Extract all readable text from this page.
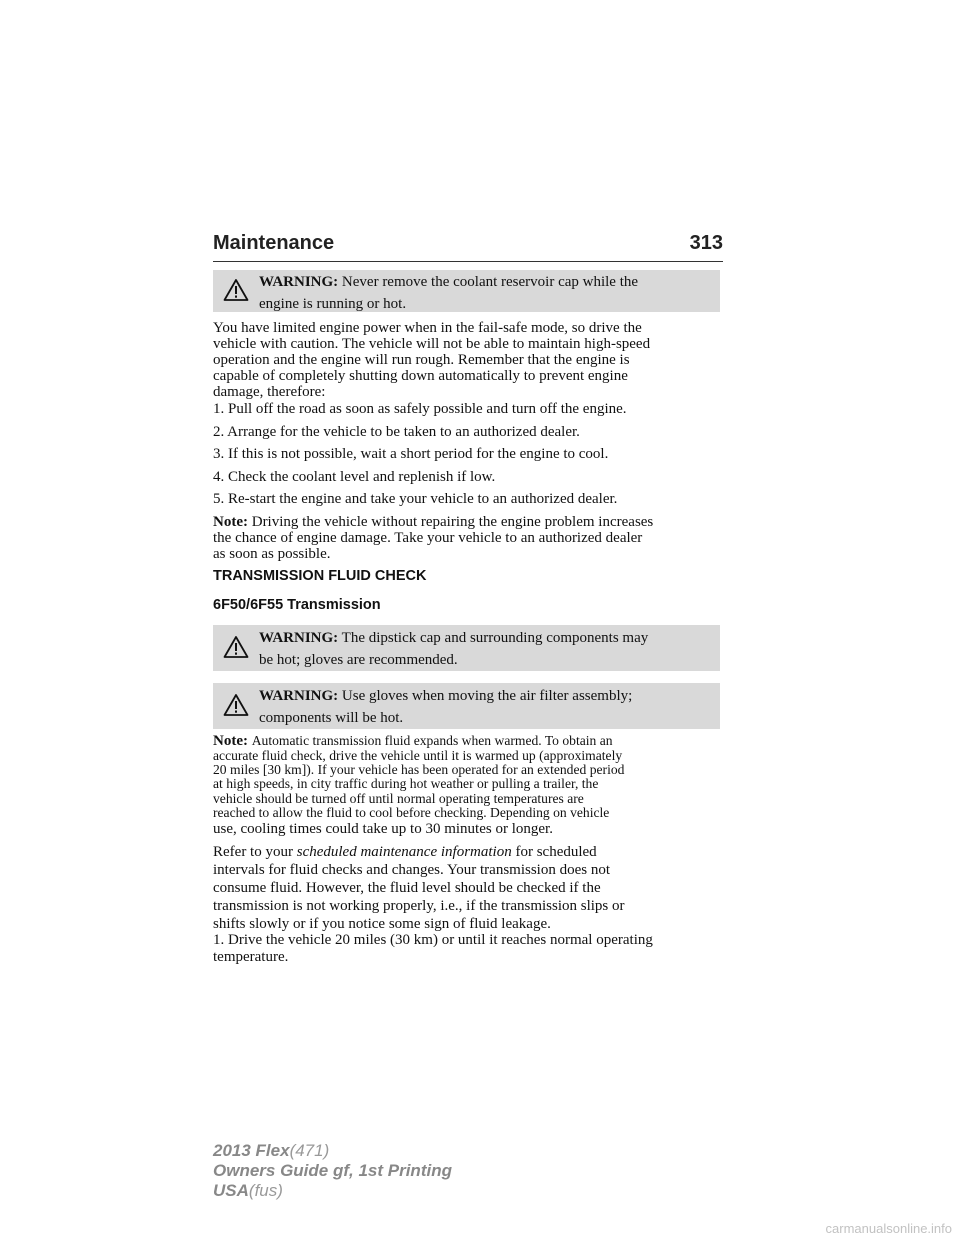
Maintenance	313
WARNING: Never remove the coolant reservoir cap while the
engine is running or hot.
You have limited engine power when in the fail-safe mode, so drive the
vehicle with caution. The vehicle will not be able to maintain high-speed
operation and the engine will run rough. Remember that the engine is
capable of completely shutting down automatically to prevent engine
damage, therefore:
1. Pull off the road as soon as safely possible and turn off the engine.
2. Arrange for the vehicle to be taken to an authorized dealer.
3. If this is not possible, wait a short period for the engine to cool.
4. Check the coolant level and replenish if low.
5. Re-start the engine and take your vehicle to an authorized dealer.
Note: Driving the vehicle without repairing the engine problem increases
the chance of engine damage. Take your vehicle to an authorized dealer
as soon as possible.
TRANSMISSION FLUID CHECK
6F50/6F55 Transmission
WARNING: The dipstick cap and surrounding components may
be hot; gloves are recommended.
WARNING: Use gloves when moving the air filter assembly;
components will be hot.
Note: Automatic transmission fluid expands when warmed. To obtain an
accurate fluid check, drive the vehicle until it is warmed up (approximately
20 miles [30 km]). If your vehicle has been operated for an extended period
at high speeds, in city traffic during hot weather or pulling a trailer, the
vehicle should be turned off until normal operating temperatures are
reached to allow the fluid to cool before checking. Depending on vehicle
use, cooling times could take up to 30 minutes or longer.
Refer to your scheduled maintenance information for scheduled
intervals for fluid checks and changes. Your transmission does not
consume fluid. However, the fluid level should be checked if the
transmission is not working properly, i.e., if the transmission slips or
shifts slowly or if you notice some sign of fluid leakage.
1. Drive the vehicle 20 miles (30 km) or until it reaches normal operating
temperature.
2013 Flex(471)
Owners Guide gf, 1st Printing
USA(fus)
carmanualsonline.info
